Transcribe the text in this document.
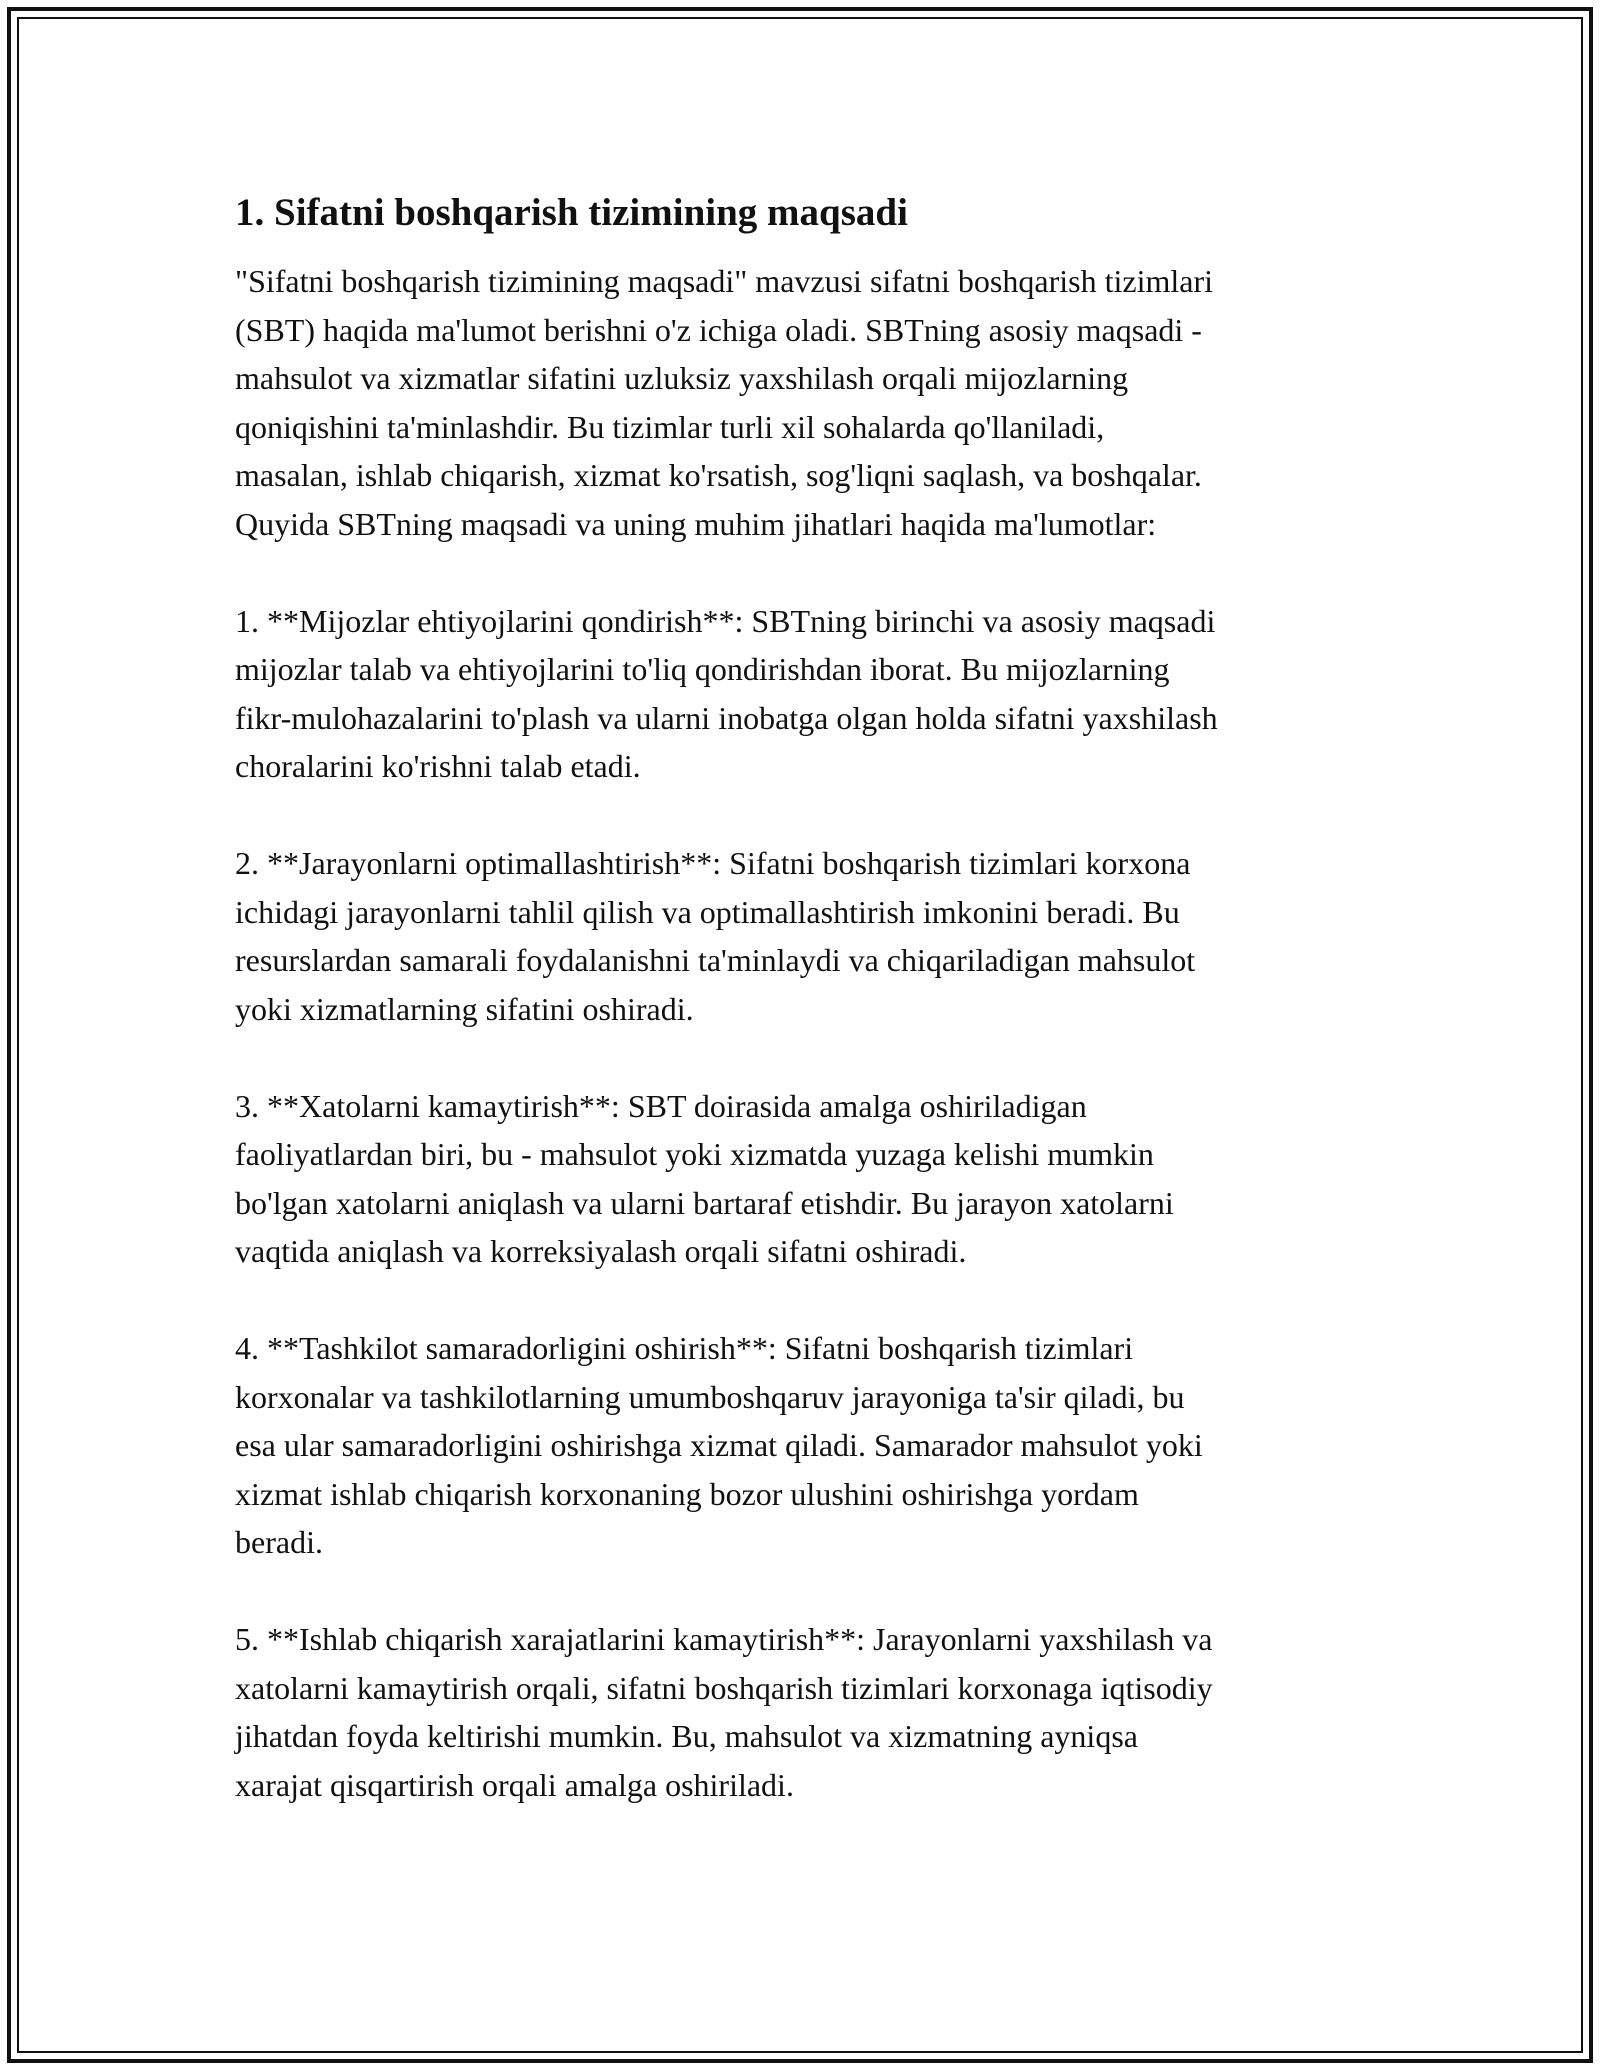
1. Sifatni boshqarish tizimining maqsadi

"Sifatni boshqarish tizimining maqsadi" mavzusi sifatni boshqarish tizimlari
(SBT) haqida ma'lumot berishni o'z ichiga oladi. SBTning asosiy maqsadi -
mahsulot va xizmatlar sifatini uzluksiz yaxshilash orqali mijozlarning
qoniqishini ta'minlashdir. Bu tizimlar turli xil sohalarda qo'llaniladi,
masalan, ishlab chiqarish, xizmat ko'rsatish, sog'liqni saqlash, va boshqalar.
Quyida SBTning maqsadi va uning muhim jihatlari haqida ma'lumotlar:

1. **Mijozlar ehtiyojlarini qondirish**: SBTning birinchi va asosiy maqsadi
mijozlar talab va ehtiyojlarini to'liq qondirishdan iborat. Bu mijozlarning
fikr-mulohazalarini to'plash va ularni inobatga olgan holda sifatni yaxshilash
choralarini ko'rishni talab etadi.

2. **Jarayonlarni optimallashtirish**: Sifatni boshqarish tizimlari korxona
ichidagi jarayonlarni tahlil qilish va optimallashtirish imkonini beradi. Bu
resurslardan samarali foydalanishni ta'minlaydi va chiqariladigan mahsulot
yoki xizmatlarning sifatini oshiradi.

3. **Xatolarni kamaytirish**: SBT doirasida amalga oshiriladigan
faoliyatlardan biri, bu - mahsulot yoki xizmatda yuzaga kelishi mumkin
bo'lgan xatolarni aniqlash va ularni bartaraf etishdir. Bu jarayon xatolarni
vaqtida aniqlash va korreksiyalash orqali sifatni oshiradi.

4. **Tashkilot samaradorligini oshirish**: Sifatni boshqarish tizimlari
korxonalar va tashkilotlarning umumboshqaruv jarayoniga ta'sir qiladi, bu
esa ular samaradorligini oshirishga xizmat qiladi. Samarador mahsulot yoki
xizmat ishlab chiqarish korxonaning bozor ulushini oshirishga yordam
beradi.

5. **Ishlab chiqarish xarajatlarini kamaytirish**: Jarayonlarni yaxshilash va
xatolarni kamaytirish orqali, sifatni boshqarish tizimlari korxonaga iqtisodiy
jihatdan foyda keltirishi mumkin. Bu, mahsulot va xizmatning ayniqsa
xarajat qisqartirish orqali amalga oshiriladi.
